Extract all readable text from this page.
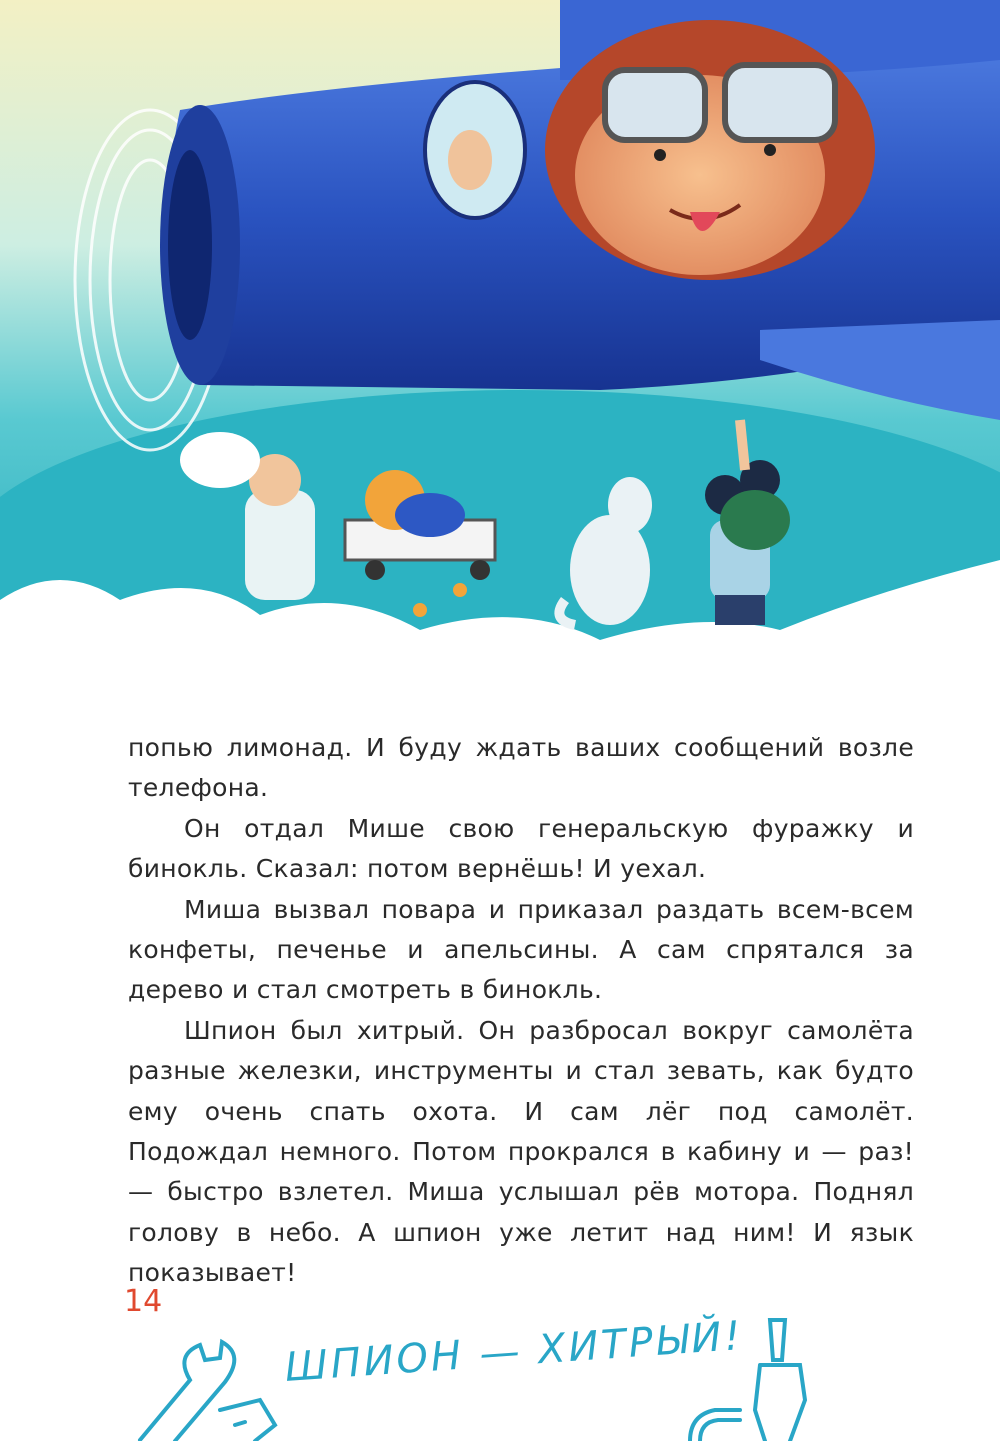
попью лимонад. И буду ждать ваших сообщений возле телефона.

Он отдал Мише свою генеральскую фуражку и бинокль. Сказал: потом вернёшь! И уехал.

Миша вызвал повара и приказал раздать всем-всем конфеты, печенье и апельсины. А сам спрятался за дерево и стал смотреть в бинокль.

Шпион был хитрый. Он разбросал вокруг самолёта разные железки, инструменты и стал зевать, как будто ему очень спать охота. И сам лёг под самолёт. Подождал немного. Потом прокрался в кабину и — раз! — быстро взлетел. Миша услышал рёв мотора. Поднял голову в небо. А шпион уже летит над ним! И язык показывает!

14
ШПИОН — ХИТРЫЙ!
